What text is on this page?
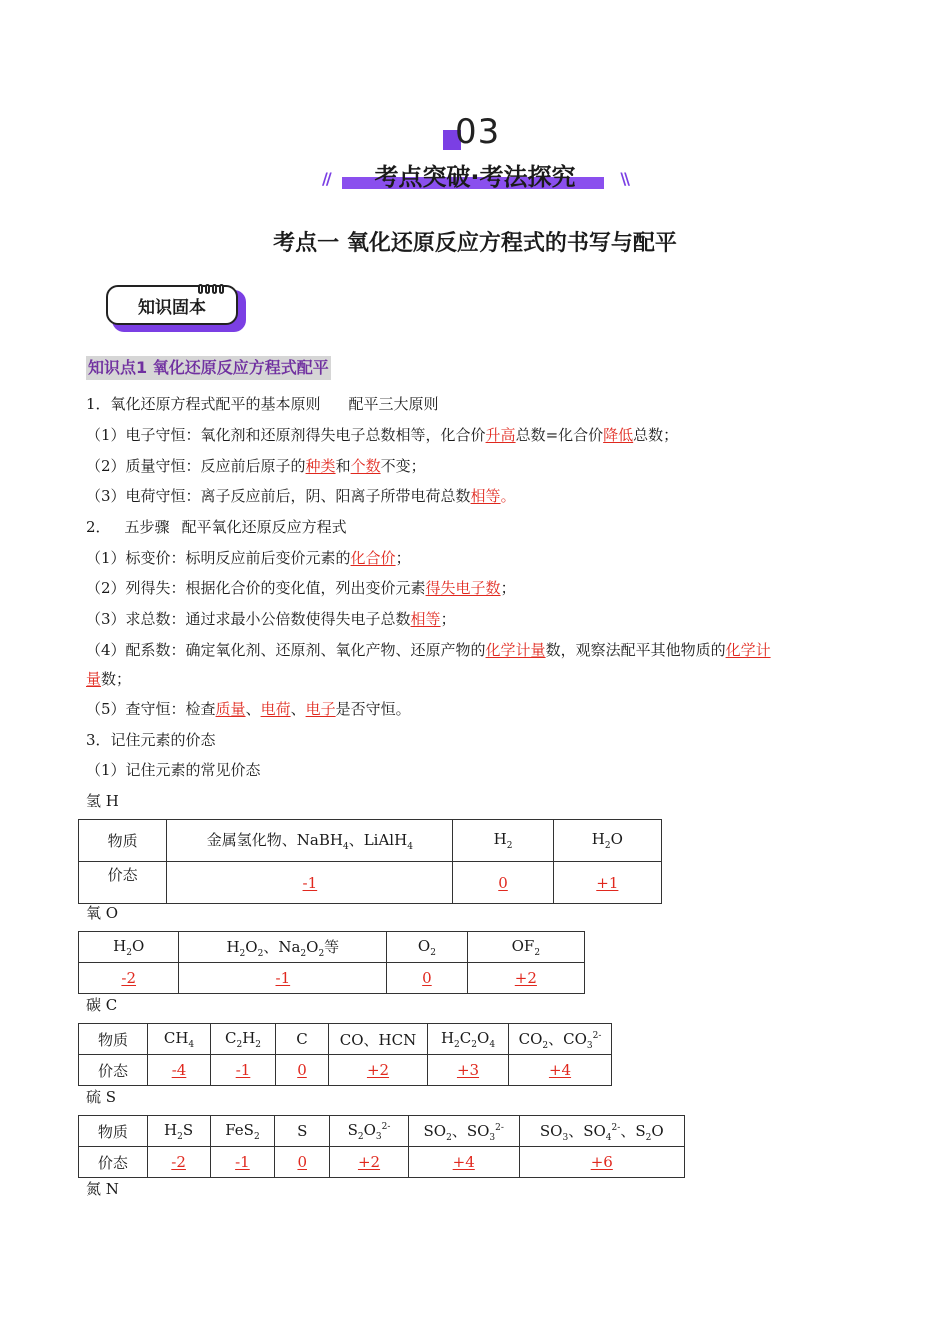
03
//	考点突破·考法探究	\\
考点一 氧化还原反应方程式的书写与配平
知识固本
知识点1 氧化还原反应方程式配平
1．氧化还原方程式配平的基本原则 配平三大原则
（1）电子守恒：氧化剂和还原剂得失电子总数相等，化合价升高总数=化合价降低总数；
（2）质量守恒：反应前后原子的种类和个数不变；
（3）电荷守恒：离子反应前后，阴、阳离子所带电荷总数相等。
2． 五步骤 配平氧化还原反应方程式
（1）标变价：标明反应前后变价元素的化合价；
（2）列得失：根据化合价的变化值，列出变价元素得失电子数；
（3）求总数：通过求最小公倍数使得失电子总数相等；
（4）配系数：确定氧化剂、还原剂、氧化产物、还原产物的化学计量数，观察法配平其他物质的化学计
量数；
（5）查守恒：检查质量、电荷、电子是否守恒。
3．记住元素的价态
（1）记住元素的常见价态
氢 H
物质	金属氢化物、NaBH$_4$、LiAlH$_4$	$H_2$	$H_2O$
价态	-1	0	+1
氧 O
$H_2O$	$H_2O_2$、$Na_2O_2$等	$O_2$	$OF_2$
-2	-1	0	+2
碳 C
物质	$CH_4$	$C_2H_2$	C	CO、HCN	$H_2C_2O_4$	$CO_2$、$CO_3^{2-}$
价态	-4	-1	0	+2	+3	+4
硫 S
物质	$H_2S$	FeS$_2$	S	$S_2O_3^{2-}$	$SO_2$、$SO_3^{2-}$	$SO_3$、$SO_4^{2-}$、$S_2O$
价态	-2	-1	0	+2	+4	+6
氮 N
